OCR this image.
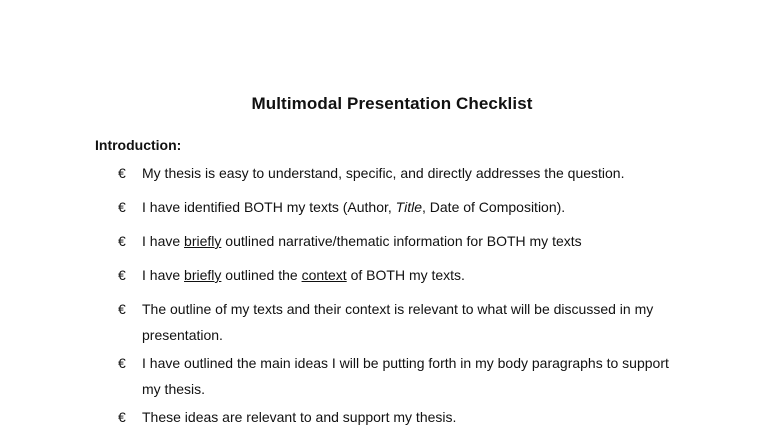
Multimodal Presentation Checklist
Introduction:
€	My thesis is easy to understand, specific, and directly addresses the question.
€	I have identified BOTH my texts (Author, Title, Date of Composition).
€	I have briefly outlined narrative/thematic information for BOTH my texts
€	I have briefly outlined the context of BOTH my texts.
€	The outline of my texts and their context is relevant to what will be discussed in my
presentation.
€	I have outlined the main ideas I will be putting forth in my body paragraphs to support
my thesis.
€	These ideas are relevant to and support my thesis.
